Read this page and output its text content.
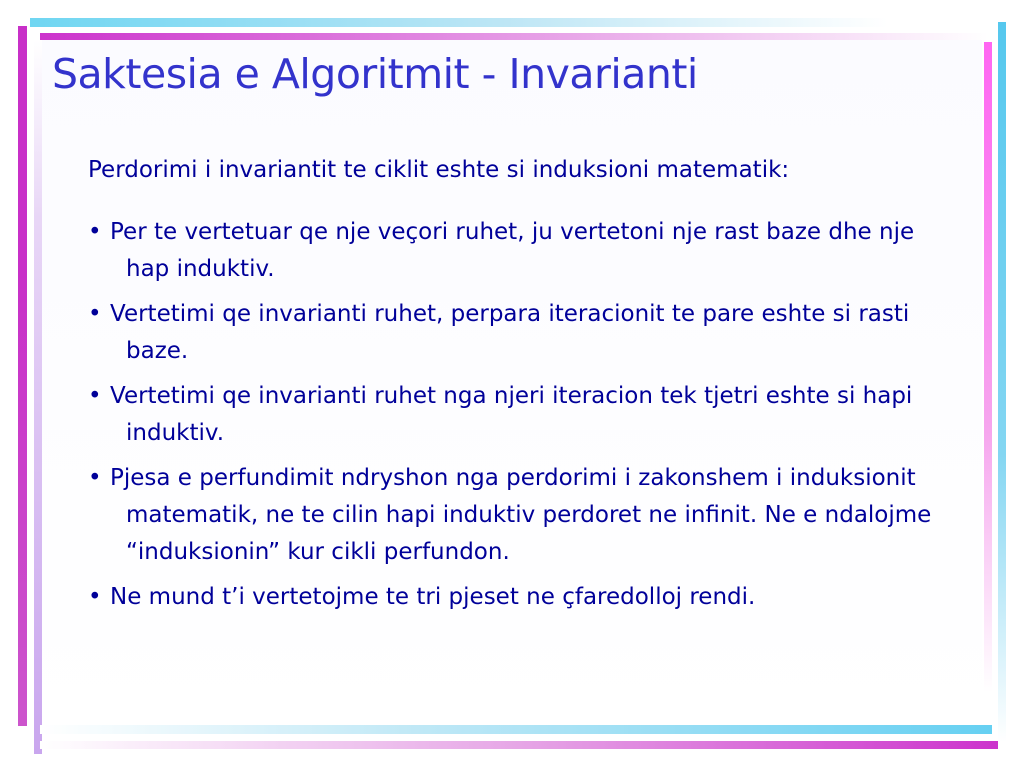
Saktesia e Algoritmit - Invarianti

Perdorimi i invariantit te ciklit eshte si induksioni matematik:

• Per te vertetuar qe nje veçori ruhet, ju vertetoni nje rast baze dhe nje hap induktiv.
• Vertetimi qe invarianti ruhet, perpara iteracionit te pare eshte si rasti baze.
• Vertetimi qe invarianti ruhet nga njeri iteracion tek tjetri eshte si hapi induktiv.
• Pjesa e perfundimit ndryshon nga perdorimi i zakonshem i induksionit matematik, ne te cilin hapi induktiv perdoret ne infinit. Ne e ndalojme “induksionin” kur cikli perfundon.
• Ne mund t’i vertetojme te tri pjeset ne çfaredolloj rendi.
